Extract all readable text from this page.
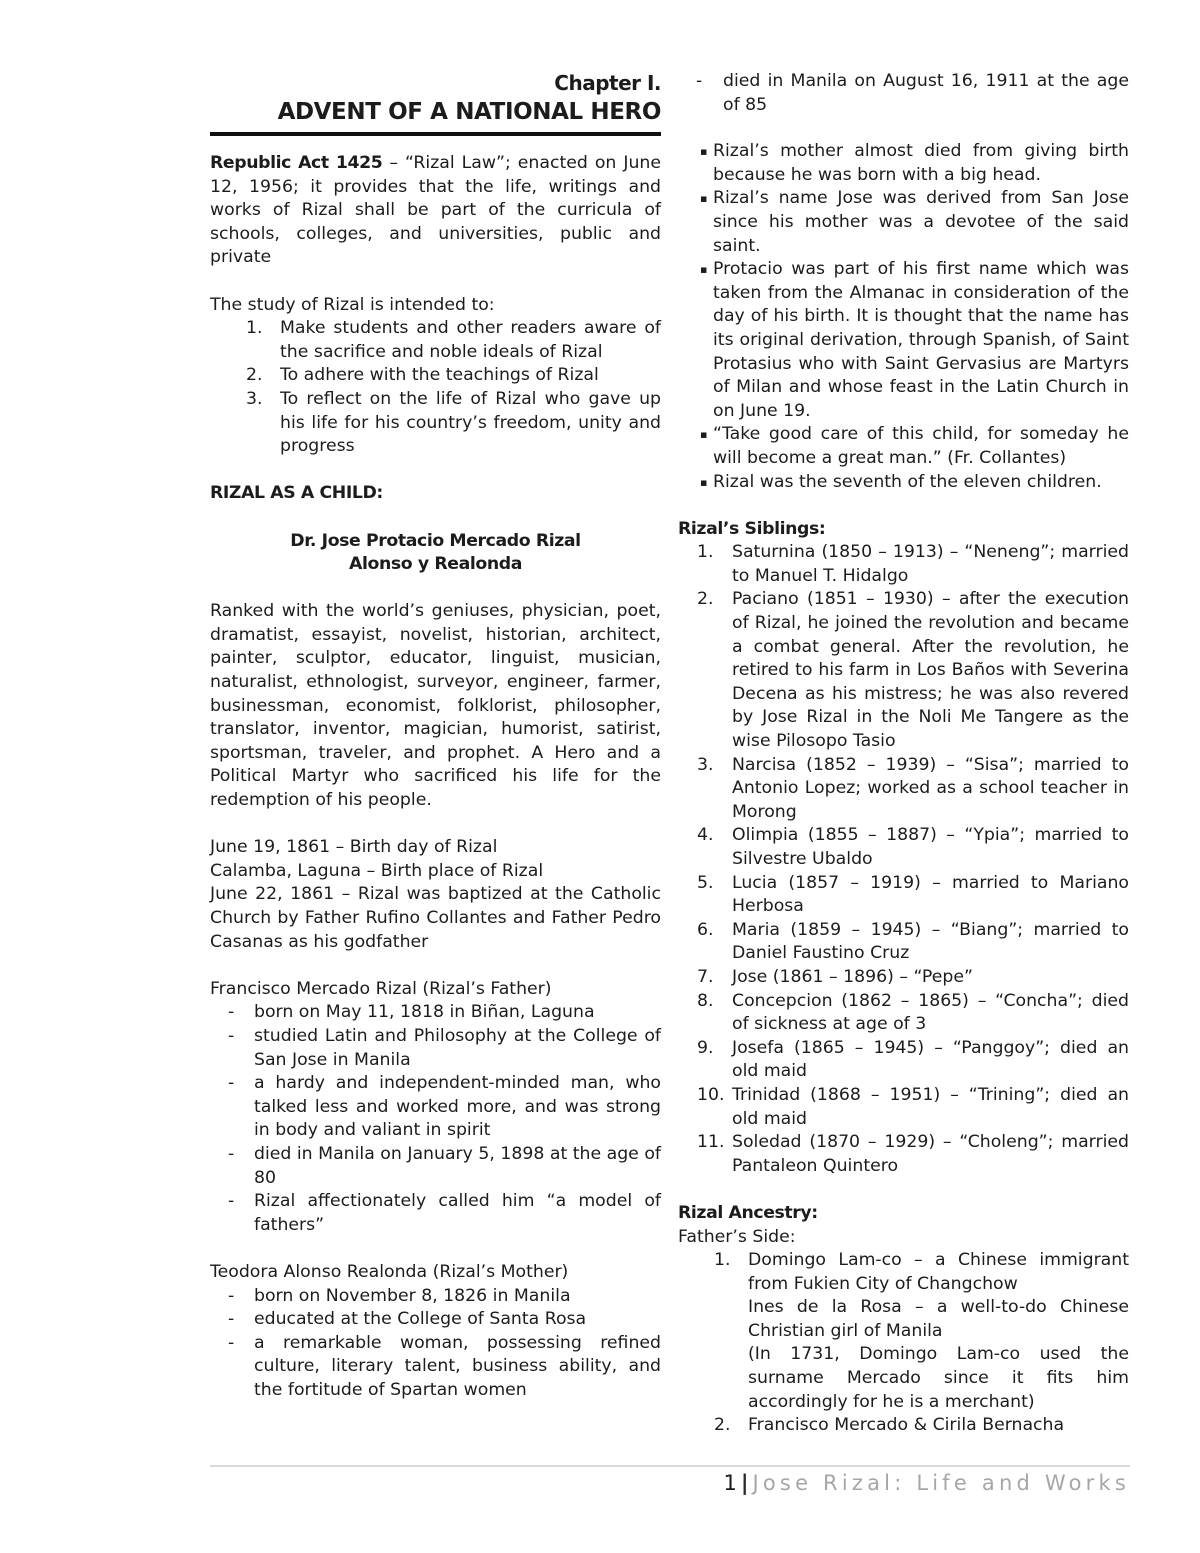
Chapter I.
ADVENT OF A NATIONAL HERO

Republic Act 1425 – “Rizal Law”; enacted on June 12, 1956; it provides that the life, writings and works of Rizal shall be part of the curricula of schools, colleges, and universities, public and private

The study of Rizal is intended to:

1.	Make students and other readers aware of the sacrifice and noble ideals of Rizal
2.	To adhere with the teachings of Rizal
3.	To reflect on the life of Rizal who gave up his life for his country’s freedom, unity and progress

RIZAL AS A CHILD:

Dr. Jose Protacio Mercado Rizal
Alonso y Realonda

Ranked with the world’s geniuses, physician, poet, dramatist, essayist, novelist, historian, architect, painter, sculptor, educator, linguist, musician, naturalist, ethnologist, surveyor, engineer, farmer, businessman, economist, folklorist, philosopher, translator, inventor, magician, humorist, satirist, sportsman, traveler, and prophet. A Hero and a Political Martyr who sacrificed his life for the redemption of his people.

June 19, 1861 – Birth day of Rizal

Calamba, Laguna – Birth place of Rizal

June 22, 1861 – Rizal was baptized at the Catholic Church by Father Rufino Collantes and Father Pedro Casanas as his godfather

Francisco Mercado Rizal (Rizal’s Father)

-	born on May 11, 1818 in Biñan, Laguna
-	studied Latin and Philosophy at the College of San Jose in Manila
-	a hardy and independent-minded man, who talked less and worked more, and was strong in body and valiant in spirit
-	died in Manila on January 5, 1898 at the age of 80
-	Rizal affectionately called him “a model of fathers”

Teodora Alonso Realonda (Rizal’s Mother)

-	born on November 8, 1826 in Manila
-	educated at the College of Santa Rosa
-	a remarkable woman, possessing refined culture, literary talent, business ability, and the fortitude of Spartan women
-	died in Manila on August 16, 1911 at the age of 85
▪ Rizal’s mother almost died from giving birth because he was born with a big head.
▪ Rizal’s name Jose was derived from San Jose since his mother was a devotee of the said saint.
▪ Protacio was part of his first name which was taken from the Almanac in consideration of the day of his birth. It is thought that the name has its original derivation, through Spanish, of Saint Protasius who with Saint Gervasius are Martyrs of Milan and whose feast in the Latin Church in on June 19.
▪ “Take good care of this child, for someday he will become a great man.” (Fr. Collantes)
▪ Rizal was the seventh of the eleven children.

Rizal’s Siblings:

1.	Saturnina (1850 – 1913) – “Neneng”; married to Manuel T. Hidalgo
2.	Paciano (1851 – 1930) – after the execution of Rizal, he joined the revolution and became a combat general. After the revolution, he retired to his farm in Los Baños with Severina Decena as his mistress; he was also revered by Jose Rizal in the Noli Me Tangere as the wise Pilosopo Tasio
3.	Narcisa (1852 – 1939) – “Sisa”; married to Antonio Lopez; worked as a school teacher in Morong
4.	Olimpia (1855 – 1887) – “Ypia”; married to Silvestre Ubaldo
5.	Lucia (1857 – 1919) – married to Mariano Herbosa
6.	Maria (1859 – 1945) – “Biang”; married to Daniel Faustino Cruz
7.	Jose (1861 – 1896) – “Pepe”
8.	Concepcion (1862 – 1865) – “Concha”; died of sickness at age of 3
9.	Josefa (1865 – 1945) – “Panggoy”; died an old maid
10. Trinidad (1868 – 1951) – “Trining”; died an old maid
11. Soledad (1870 – 1929) – “Choleng”; married Pantaleon Quintero

Rizal Ancestry:

Father’s Side:

1.	Domingo Lam-co – a Chinese immigrant from Fukien City of Changchow
Ines de la Rosa – a well-to-do Chinese Christian girl of Manila
(In 1731, Domingo Lam-co used the surname Mercado since it fits him accordingly for he is a merchant)
2.	Francisco Mercado & Cirila Bernacha
1 | Jose Rizal: Life and Works
